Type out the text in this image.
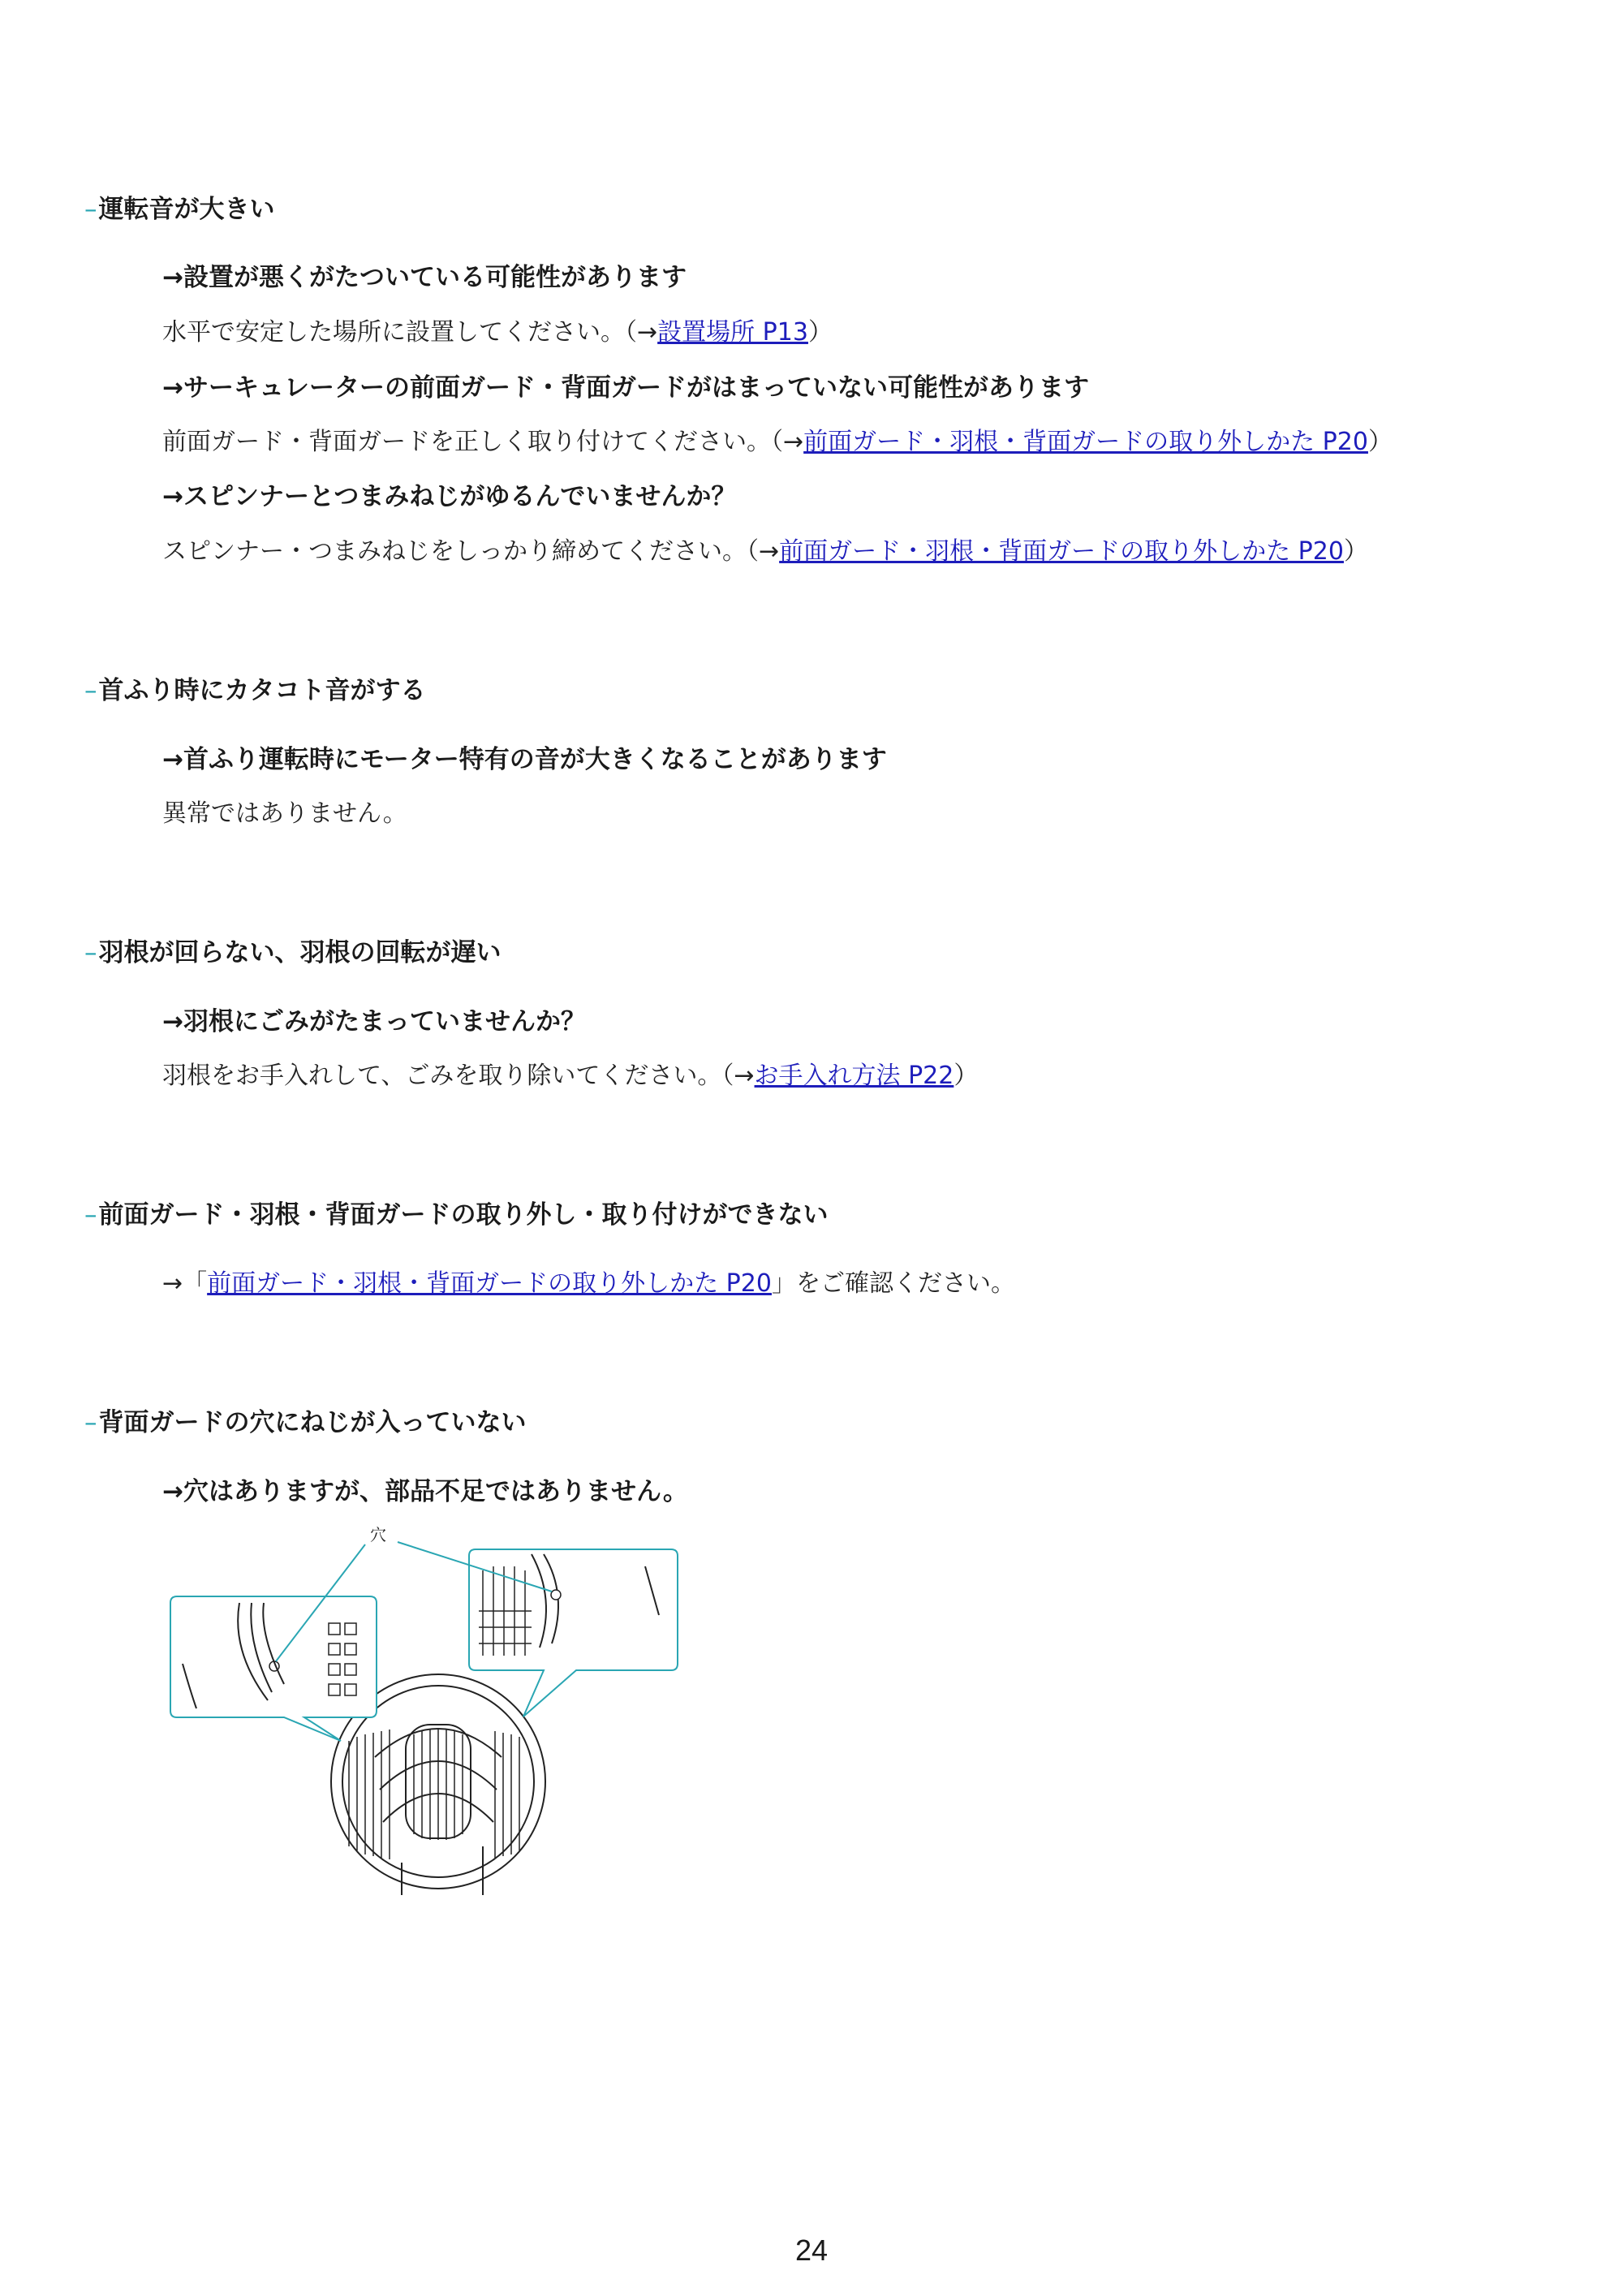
–運転音が大きい
→設置が悪くがたついている可能性があります
水平で安定した場所に設置してください。（→設置場所 P13）
→サーキュレーターの前面ガード・背面ガードがはまっていない可能性があります
前面ガード・背面ガードを正しく取り付けてください。（→前面ガード・羽根・背面ガードの取り外しかた P20）
→スピンナーとつまみねじがゆるんでいませんか？
スピンナー・つまみねじをしっかり締めてください。（→前面ガード・羽根・背面ガードの取り外しかた P20）
–首ふり時にカタコト音がする
→首ふり運転時にモーター特有の音が大きくなることがあります
異常ではありません。
–羽根が回らない、羽根の回転が遅い
→羽根にごみがたまっていませんか？
羽根をお手入れして、ごみを取り除いてください。（→お手入れ方法 P22）
–前面ガード・羽根・背面ガードの取り外し・取り付けができない
→「前面ガード・羽根・背面ガードの取り外しかた P20」をご確認ください。
–背面ガードの穴にねじが入っていない
→穴はありますが、部品不足ではありません。
穴
24
